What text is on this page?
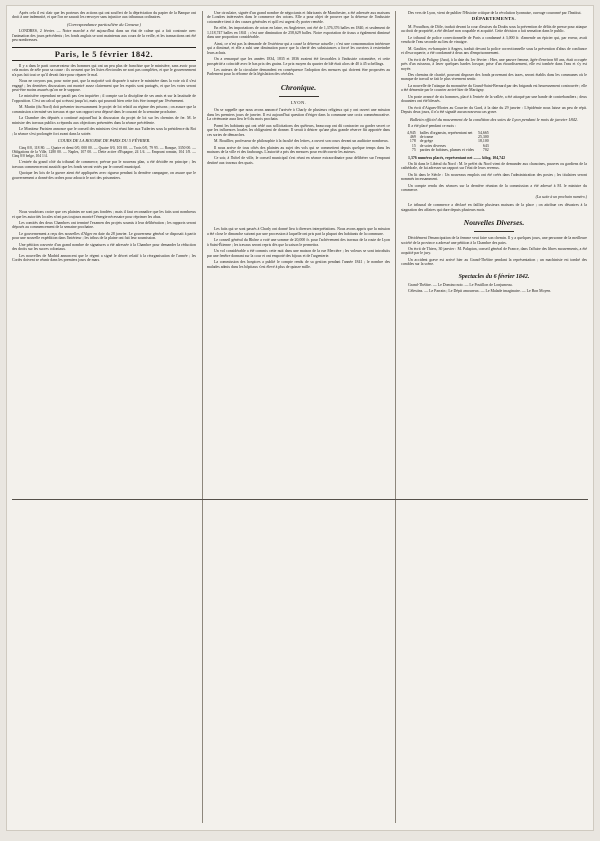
Après cela il est clair que les porteurs des actions qui ont souffert de la dépréciation du papier de la Banque ont droit à une indemnité, et que l'on ne saurait les renvoyer sans injustice aux tribunaux ordinaires.

(Correspondance particulière du Censeur.)

LONDRES, 2 février. — Notre marché a été aujourd'hui dans un état de calme qui a fait contraste avec l'animation des jours précédents ; les fonds anglais se sont maintenus aux cours de la veille, et les transactions ont été peu nombreuses.

Paris, le 5 février 1842.

Il y a dans le parti conservateur des hommes qui ont un peu plus de franchise que le ministère, sans avoir pour cela moins de zèle pour sa cause : ils avouent que les listes électorales ne sont pas complètes, et que le gouvernement n'a pas fait tout ce qu'il devait faire pour réparer le mal.

Nous ne croyons pas, pour notre part, que la majorité soit disposée à suivre le ministère dans la voie où il s'est engagé ; les dernières discussions ont montré assez clairement que les esprits sont partagés, et que les votes seront peut-être moins assurés qu'on ne le suppose.

Le ministère cependant ne paraît pas s'en inquiéter ; il compte sur la discipline de ses amis et sur la lassitude de l'opposition. C'est un calcul qui a réussi jusqu'ici, mais qui pourrait bien cette fois être trompé par l'événement.

M. Martin (du Nord) doit présenter incessamment le projet de loi relatif au régime des prisons ; on assure que la commission a terminé ses travaux et que son rapport sera déposé dans le courant de la semaine prochaine.

La Chambre des députés a continué aujourd'hui la discussion du projet de loi sur les chemins de fer. M. le ministre des travaux publics a répondu aux objections présentées dans la séance précédente.

Le Moniteur Parisien annonce que le conseil des ministres s'est réuni hier aux Tuileries sous la présidence du Roi ; la séance s'est prolongée fort avant dans la soirée.

COURS DE LA BOURSE DE PARIS DU 5 FÉVRIER.

Cinq 0/0, 118 80. — Quatre et demi 0/0, 000 00. — Quatre 0/0, 103 00. — Trois 0/0, 79 95. — Banque, 3350 00. — Obligations de la Ville, 1280 00. — Naples, 107 00. — Dette active d'Espagne, 24 1/4. — Emprunt romain, 104 1/8. — Cinq 0/0 belge, 104 1/4.

L'entrée du grand côté du tribunal de commerce, prévue par le nouveau plan, a été décidée en principe ; les travaux commenceront aussitôt que les fonds seront votés par le conseil municipal.

Quoique les lois de la guerre aient été appliquées avec rigueur pendant la dernière campagne, on assure que le gouvernement a donné des ordres pour adoucir le sort des prisonniers.

Nous voudrions croire que ces plaintes ne sont pas fondées ; mais il faut reconnaître que les faits sont nombreux et que les autorités locales n'ont pas toujours montré l'énergie nécessaire pour réprimer les abus.

Les comités des deux Chambres ont terminé l'examen des projets soumis à leur délibération ; les rapports seront déposés au commencement de la semaine prochaine.

Le gouvernement a reçu des nouvelles d'Alger en date du 28 janvier. Le gouverneur général se disposait à partir pour une nouvelle expédition dans l'intérieur ; les tribus de la plaine ont fait leur soumission.

Une pétition couverte d'un grand nombre de signatures a été adressée à la Chambre pour demander la réduction des droits sur les sucres coloniaux.

Les nouvelles de Madrid annoncent que le régent a signé le décret relatif à la réorganisation de l'armée ; les Cortès doivent se réunir dans les premiers jours de mars.

Une circulaire, signée d'un grand nombre de négociants et fabricants de Manchester, a été adressée aux maisons de Londres intéressées dans le commerce des cotons. Elle a pour objet de prouver que la détresse de l'industrie cotonnière tient à des causes générales et qu'il est urgent d'y porter remède.

En effet, les importations de coton en laine, en Angleterre, ont été de 1,376,376 balles en 1840, et seulement de 1,118,747 balles en 1841 ; c'est une diminution de 258,629 balles. Notre exportation de tissus a également diminué dans une proportion considérable.

Ainsi, ce n'est pas la demande de l'extérieur qui a causé la détresse actuelle ; c'est une consommation intérieure qui a diminué, et elle a subi une diminution parce que la cherté des subsistances a forcé les ouvriers à restreindre leurs achats.

On a remarqué que les années 1834, 1835 et 1836 avaient été favorables à l'industrie cotonnière, et cette prospérité a coïncidé avec le bas prix des grains. Le prix moyen du quarter de blé était alors de 40 à 45 schellings.

Les auteurs de la circulaire demandent en conséquence l'adoption des mesures qui doivent être proposées au Parlement pour la réforme de la législation des céréales.

Chronique.

LYON.

On se rappelle que nous avons annoncé l'arrivée à Charly de plusieurs religieux qui y ont ouvert une mission dans les premiers jours de janvier. Il est aujourd'hui question d'ériger dans la commune une croix commémorative. La cérémonie aura lieu le 6 du mois prochain.

Parmi les habitants qui ont cédé aux sollicitations des quêteurs, beaucoup ont dû contracter ou garder secret ce que les influences locales les obligeaient de donner. Il serait à désirer qu'une plus grande réserve fût apportée dans ces sortes de démarches.

M. Bouillier, professeur de philosophie à la faculté des lettres, a ouvert son cours devant un auditoire nombreux.

Il nous arrive de tous côtés des plaintes au sujet des vols qui se commettent depuis quelque temps dans les maisons de la ville et des faubourgs. L'autorité a pris des mesures pour en découvrir les auteurs.

Ce soir, à l'hôtel de ville, le conseil municipal s'est réuni en séance extraordinaire pour délibérer sur l'emprunt destiné aux travaux des quais.

Les faits qui se sont passés à Charly ont donné lieu à diverses interprétations. Nous avons appris que la mission a été close le dimanche suivant par une procession à laquelle ont pris part la plupart des habitants de la commune.

Le conseil général du Rhône a voté une somme de 20,000 fr. pour l'achèvement des travaux de la route de Lyon à Saint-Étienne ; les travaux seront repris dès que la saison le permettra.

Un vol considérable a été commis cette nuit dans une maison de la rue Mercière ; les voleurs se sont introduits par une fenêtre donnant sur la cour et ont emporté des bijoux et de l'argenterie.

La commission des hospices a publié le compte rendu de sa gestion pendant l'année 1841 ; le nombre des malades admis dans les hôpitaux s'est élevé à plus de quinze mille.

Des vers de Lyon, vient de publier l'Histoire critique de la révolution lyonnaise, ouvrage couronné par l'Institut.

DÉPARTEMENTS.

M. Proudhon, de Dôle, traduit devant la cour d'assises du Doubs sous la prévention de délits de presse pour attaque au droit de propriété, a été déclaré non coupable et acquitté. Cette décision a fait sensation dans le public.

Le tribunal de police correctionnelle de Paris a condamné à 3,000 fr. d'amende un épicier qui, par erreur, avait vendu de l'eau seconde au lieu de vinaigre.

M. Gaultier, ex-banquier à Angers, traduit devant la police correctionnelle sous la prévention d'abus de confiance et d'escroquerie, a été condamné à deux ans d'emprisonnement.

On écrit de Poligny (Jura), à la date du 1er février : Hier, une pauvre femme, âgée d'environ 60 ans, était occupée près d'un ruisseau, à laver quelques hardes lorsque, prise d'un étourdissement, elle est tombée dans l'eau et s'y est noyée.

Des chemins de charité, pouvant disposer des fonds provenant des taxes, seront établis dans les communes où le manque de travail se fait le plus vivement sentir.

La nouvelle de l'attaque du monastère du Grand-Saint-Bernard par des brigands est heureusement controuvée ; elle a été démentie par le courrier arrivé hier de Martigny.

Un poste avancé de six hommes, placé à l'entrée de la vallée, a été attaqué par une bande de contrebandiers ; deux douaniers ont été blessés.

On écrit d'Aigues-Mortes au Courrier du Gard, à la date du 29 janvier : L'épidémie nous laisse un peu de répit. Depuis deux jours, il n'a été signalé aucun nouveau cas grave.

Bulletin officiel du mouvement de la condition des soies de Lyon pendant le mois de janvier 1842.

Il a été placé pendant ce mois :

4,945	balles d'organsin, représentant net	54,665
469	de trame	25,300
178	de grège	18,100
15	de soies diverses	643
75	parties de bobines, plumes et vides	702

1,376 numéros placés, représentant net ........ kilog. 104,742

On lit dans le Libéral du Nord : M. le préfet du Nord vient de demander aux chanoines, pauvres ou gardiens de la cathédrale, de lui adresser un rapport sur l'état de leurs revenus.

On lit dans le Siècle : Un nouveaux emplois ont été créés dans l'administration des postes ; les titulaires seront nommés incessamment.

Un compte rendu des séances sur la dernière réunion de la commission a été adressé à M. le ministre du commerce.

(La suite à un prochain numéro.)

Le tribunal de commerce a déclaré en faillite plusieurs maisons de la place ; on attribue ces désastres à la stagnation des affaires qui dure depuis plusieurs mois.

Nouvelles Diverses.

Décidément l'émancipation de la femme veut faire son chemin. Il y a quelques jours, une personne de la meilleure société de la province a adressé une pétition à la Chambre des pairs.

On écrit de Thiers, 30 janvier : M. Palapion, conseil général de France, dans l'affaire des libres mouvements, a été acquitté par le jury.

Un accident grave est arrivé hier au Grand-Théâtre pendant la représentation ; un machiniste est tombé des combles sur la scène.

Spectacles du 6 février 1842.

Grand-Théâtre. — Le Domino noir. — Le Postillon de Lonjumeau.

Célestins. — Le Parrain ; Le Dépit amoureux. — Le Malade imaginaire. — Le Bon Moyen.
